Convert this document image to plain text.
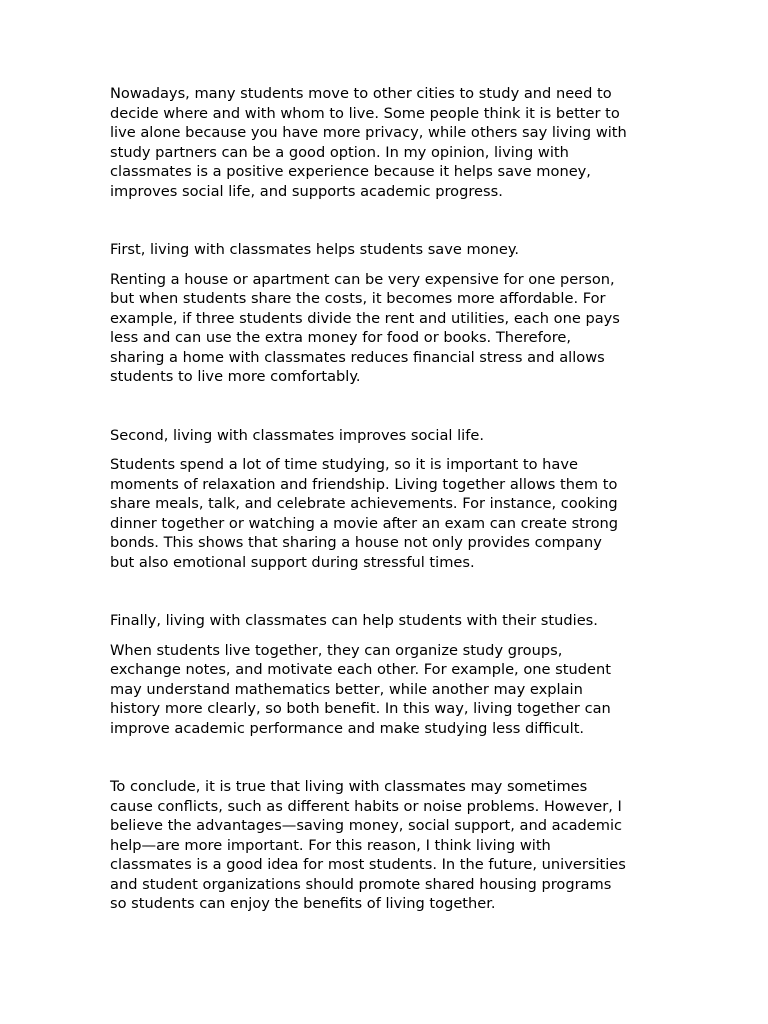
Nowadays, many students move to other cities to study and need to
decide where and with whom to live. Some people think it is better to
live alone because you have more privacy, while others say living with
study partners can be a good option. In my opinion, living with
classmates is a positive experience because it helps save money,
improves social life, and supports academic progress.

First, living with classmates helps students save money.

Renting a house or apartment can be very expensive for one person,
but when students share the costs, it becomes more affordable. For
example, if three students divide the rent and utilities, each one pays
less and can use the extra money for food or books. Therefore,
sharing a home with classmates reduces financial stress and allows
students to live more comfortably.

Second, living with classmates improves social life.

Students spend a lot of time studying, so it is important to have
moments of relaxation and friendship. Living together allows them to
share meals, talk, and celebrate achievements. For instance, cooking
dinner together or watching a movie after an exam can create strong
bonds. This shows that sharing a house not only provides company
but also emotional support during stressful times.

Finally, living with classmates can help students with their studies.

When students live together, they can organize study groups,
exchange notes, and motivate each other. For example, one student
may understand mathematics better, while another may explain
history more clearly, so both benefit. In this way, living together can
improve academic performance and make studying less difficult.

To conclude, it is true that living with classmates may sometimes
cause conflicts, such as different habits or noise problems. However, I
believe the advantages—saving money, social support, and academic
help—are more important. For this reason, I think living with
classmates is a good idea for most students. In the future, universities
and student organizations should promote shared housing programs
so students can enjoy the benefits of living together.
